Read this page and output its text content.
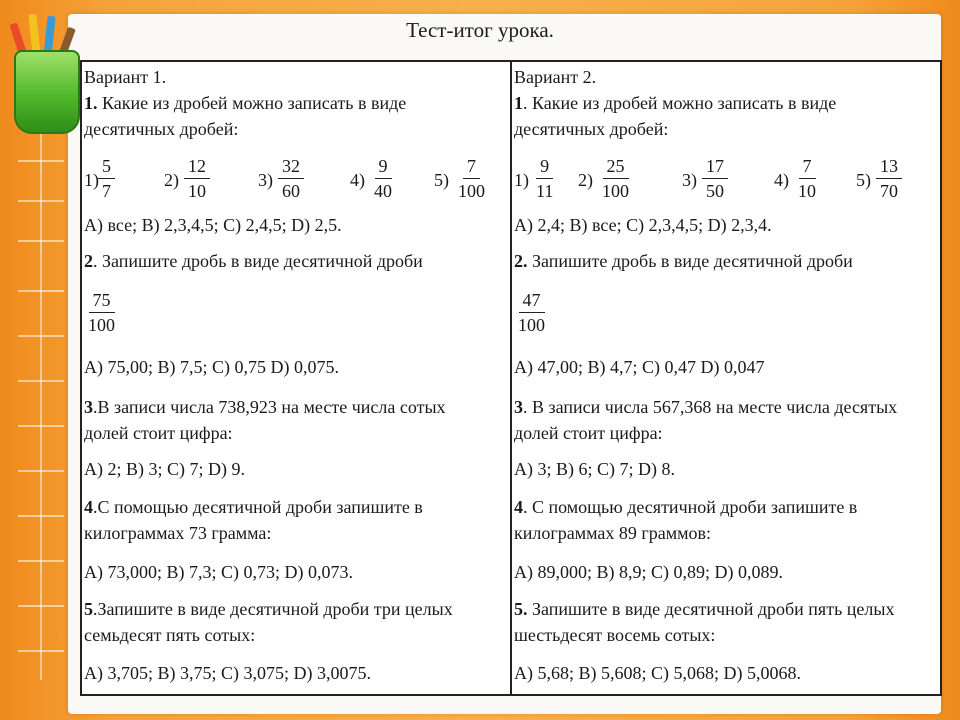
Тест-итог урока.
Вариант 1.
1. Какие из дробей можно записать в виде
десятичных дробей:
$1) \frac{5}{7}$	$2) \frac{12}{10}$	$3) \frac{32}{60}$	$4) \frac{9}{40} 5) \frac{7}{100}$
А) все; В) 2,3,4,5; С) 2,4,5; D) 2,5.
2. Запишите дробь в виде десятичной дроби
$\frac{75}{100}$
А) 75,00; В) 7,5; С) 0,75 D) 0,075.
3.В записи числа 738,923 на месте числа сотых
долей стоит цифра:
А) 2; В) 3; С) 7; D) 9.
4.С помощью десятичной дроби запишите в
килограммах 73 грамма:
А) 73,000; В) 7,3; С) 0,73; D) 0,073.
5.Запишите в виде десятичной дроби три целых
семьдесят пять сотых:
А) 3,705; В) 3,75; С) 3,075; D) 3,0075.
Вариант 2.
1. Какие из дробей можно записать в виде
десятичных дробей:
$1) \frac{9}{11} 2) \frac{25}{100}$	$3) \frac{17}{50}$	$4) \frac{7}{10} 5) \frac{13}{70}$
А) 2,4; В) все; С) 2,3,4,5; D) 2,3,4.
2. Запишите дробь в виде десятичной дроби
$\frac{47}{100}$
А) 47,00; В) 4,7; С) 0,47 D) 0,047
3. В записи числа 567,368 на месте числа десятых
долей стоит цифра:
А) 3; В) 6; С) 7; D) 8.
4. С помощью десятичной дроби запишите в
килограммах 89 граммов:
А) 89,000; В) 8,9; С) 0,89; D) 0,089.
5. Запишите в виде десятичной дроби пять целых
шестьдесят восемь сотых:
А) 5,68; В) 5,608; С) 5,068; D) 5,0068.
